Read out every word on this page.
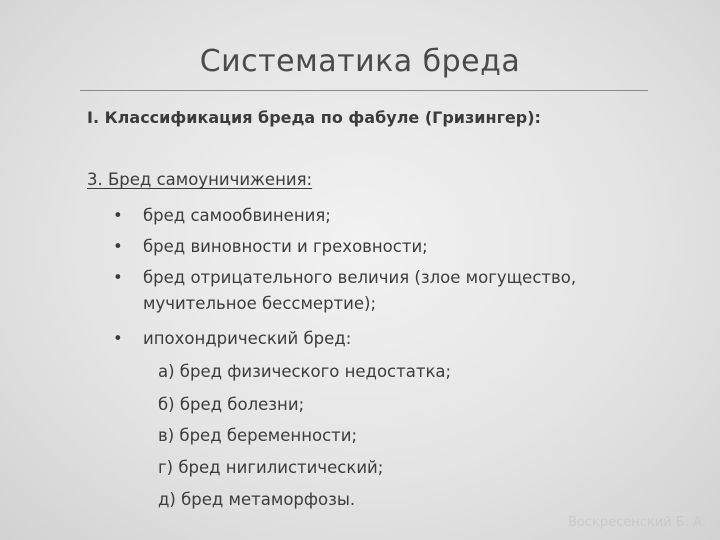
Систематика бреда
I. Классификация бреда по фабуле (Гризингер):
3. Бред самоуничижения:
• бред самообвинения;
• бред виновности и греховности;
• бред отрицательного величия (злое могущество, мучительное бессмертие);
• ипохондрический бред:
а) бред физического недостатка;
б) бред болезни;
в) бред беременности;
г) бред нигилистический;
д) бред метаморфозы.
Воскресенский Б. А.
